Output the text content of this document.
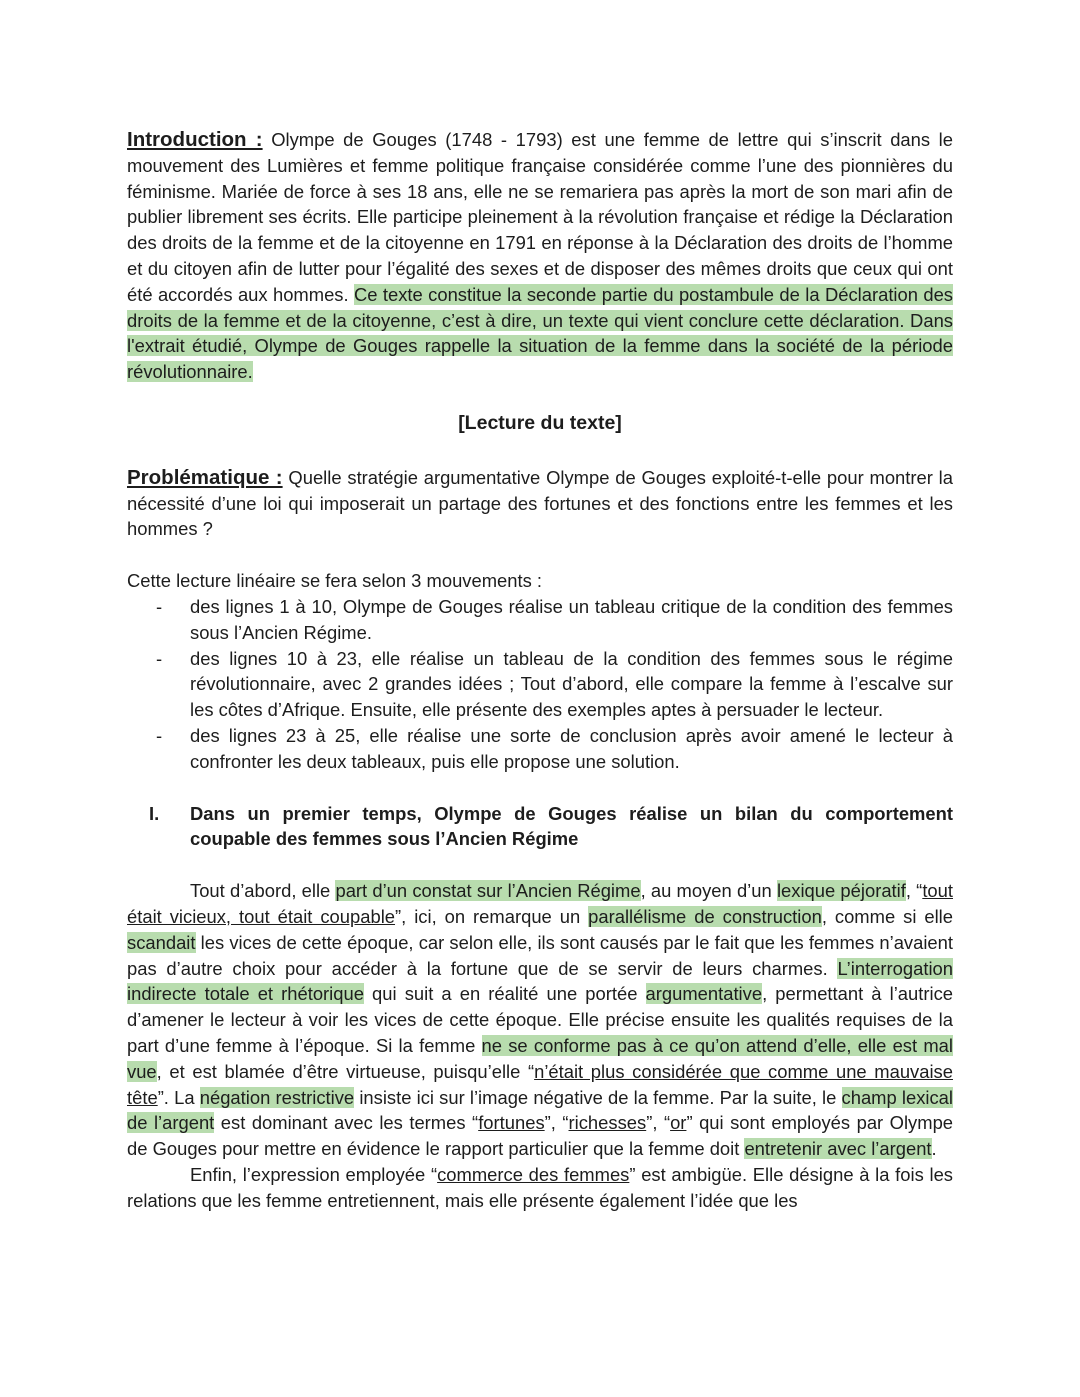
Introduction : Olympe de Gouges (1748 - 1793) est une femme de lettre qui s’inscrit dans le mouvement des Lumières et femme politique française considérée comme l’une des pionnières du féminisme. Mariée de force à ses 18 ans, elle ne se remariera pas après la mort de son mari afin de publier librement ses écrits. Elle participe pleinement à la révolution française et rédige la Déclaration des droits de la femme et de la citoyenne en 1791 en réponse à la Déclaration des droits de l’homme et du citoyen afin de lutter pour l’égalité des sexes et de disposer des mêmes droits que ceux qui ont été accordés aux hommes. Ce texte constitue la seconde partie du postambule de la Déclaration des droits de la femme et de la citoyenne, c’est à dire, un texte qui vient conclure cette déclaration. Dans l'extrait étudié, Olympe de Gouges rappelle la situation de la femme dans la société de la période révolutionnaire.

[Lecture du texte]

Problématique : Quelle stratégie argumentative Olympe de Gouges exploité-t-elle pour montrer la nécessité d’une loi qui imposerait un partage des fortunes et des fonctions entre les femmes et les hommes ?

Cette lecture linéaire se fera selon 3 mouvements :

- des lignes 1 à 10, Olympe de Gouges réalise un tableau critique de la condition des femmes sous l’Ancien Régime.
- des lignes 10 à 23, elle réalise un tableau de la condition des femmes sous le régime révolutionnaire, avec 2 grandes idées ; Tout d’abord, elle compare la femme à l’escalve sur les côtes d’Afrique. Ensuite, elle présente des exemples aptes à persuader le lecteur.
- des lignes 23 à 25, elle réalise une sorte de conclusion après avoir amené le lecteur à confronter les deux tableaux, puis elle propose une solution.
I. Dans un premier temps, Olympe de Gouges réalise un bilan du comportement coupable des femmes sous l’Ancien Régime

Tout d’abord, elle part d’un constat sur l’Ancien Régime, au moyen d’un lexique péjoratif, “tout était vicieux, tout était coupable”, ici, on remarque un parallélisme de construction, comme si elle scandait les vices de cette époque, car selon elle, ils sont causés par le fait que les femmes n’avaient pas d’autre choix pour accéder à la fortune que de se servir de leurs charmes. L’interrogation indirecte totale et rhétorique qui suit a en réalité une portée argumentative, permettant à l’autrice d’amener le lecteur à voir les vices de cette époque. Elle précise ensuite les qualités requises de la part d’une femme à l’époque. Si la femme ne se conforme pas à ce qu’on attend d’elle, elle est mal vue, et est blamée d’être virtueuse, puisqu’elle “n’était plus considérée que comme une mauvaise tête”. La négation restrictive insiste ici sur l’image négative de la femme. Par la suite, le champ lexical de l’argent est dominant avec les termes “fortunes”, “richesses”, “or” qui sont employés par Olympe de Gouges pour mettre en évidence le rapport particulier que la femme doit entretenir avec l’argent.

Enfin, l’expression employée “commerce des femmes” est ambigüe. Elle désigne à la fois les relations que les femme entretiennent, mais elle présente également l’idée que les
